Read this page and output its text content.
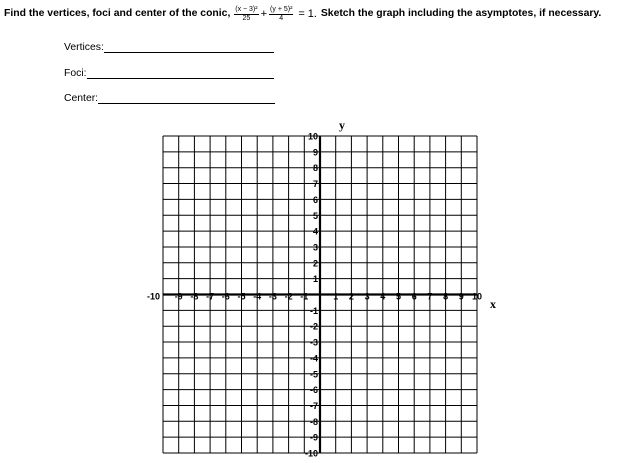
Find the vertices, foci and center of the conic, $\frac{\text{(x − 3)²}}{25} + \frac{\text{(y + 5)²}}{4} = 1$. Sketch the graph including the asymptotes, if necessary.
Vertices:
Foci:
Center:
-10 -9 -8 -7 -6 -5 -4 -3 -2 -1	1 2 3 4 5 6 7 8 9 10
10
9
8
7
6
5
4
3
2
1
-1
-2
-3
-4
-5
-6
-7
-8
-9
-10
y
x
